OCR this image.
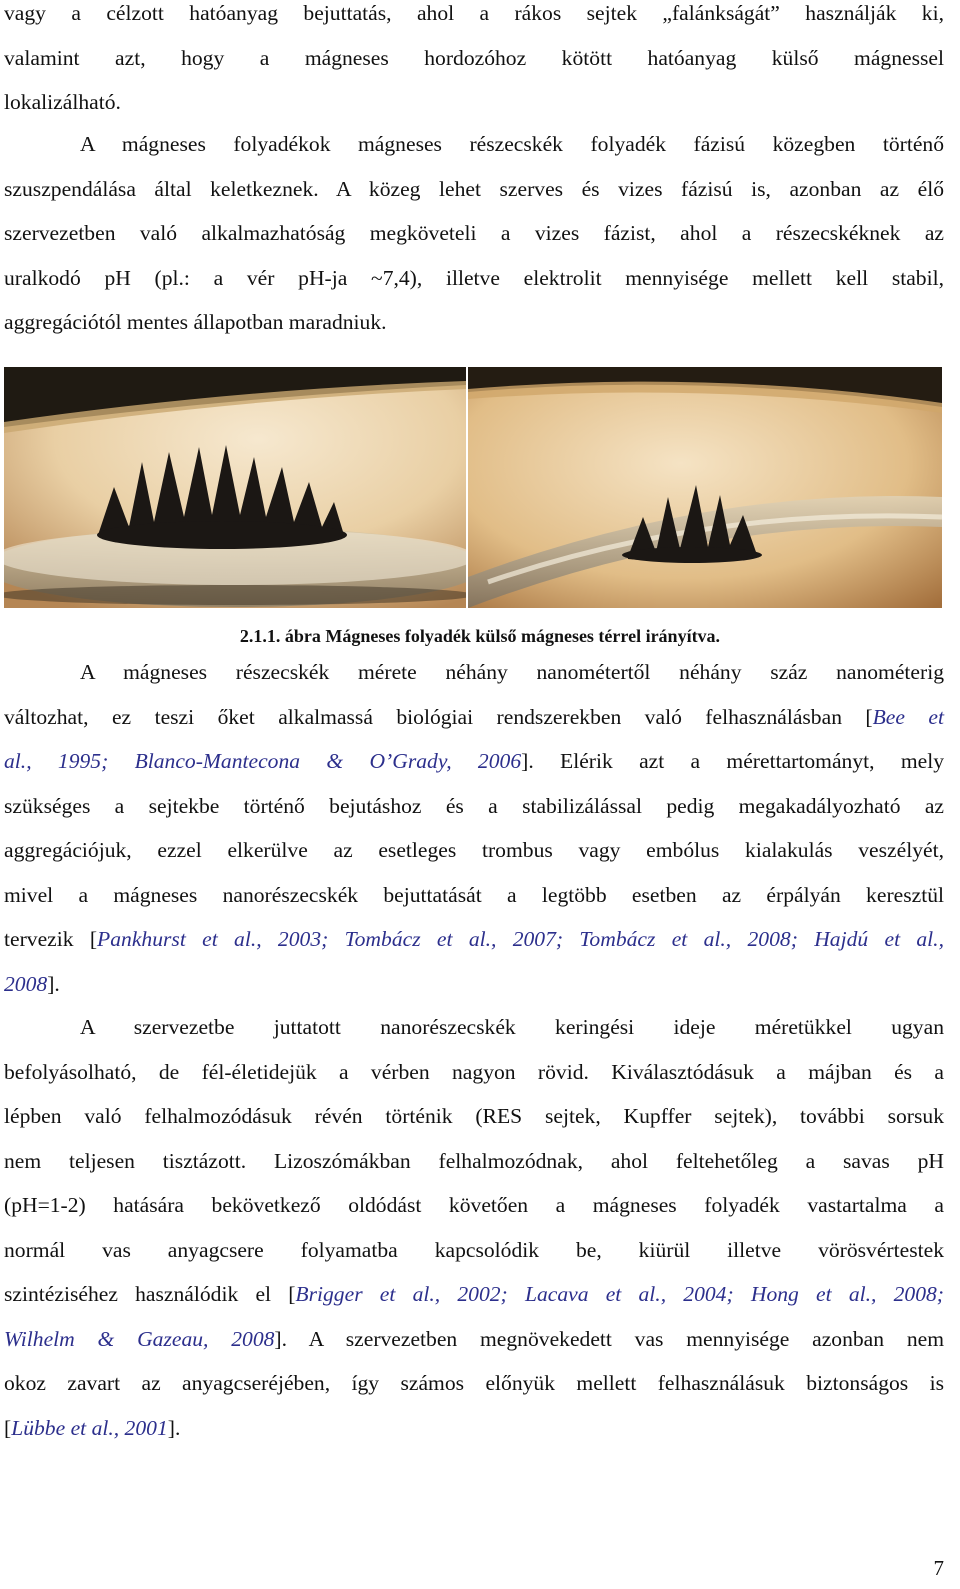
vagy a célzott hatóanyag bejuttatás, ahol a rákos sejtek „falánkságát” használják ki,
valamint azt, hogy a mágneses hordozóhoz kötött hatóanyag külső mágnessel
lokalizálható.
A mágneses folyadékok mágneses részecskék folyadék fázisú közegben történő
szuszpendálása által keletkeznek. A közeg lehet szerves és vizes fázisú is, azonban az élő
szervezetben való alkalmazhatóság megköveteli a vizes fázist, ahol a részecskéknek az
uralkodó pH (pl.: a vér pH-ja ~7,4), illetve elektrolit mennyisége mellett kell stabil,
aggregációtól mentes állapotban maradniuk.
2.1.1. ábra Mágneses folyadék külső mágneses térrel irányítva.
A mágneses részecskék mérete néhány nanométertől néhány száz nanométerig
változhat, ez teszi őket alkalmassá biológiai rendszerekben való felhasználásban [Bee et
al., 1995; Blanco-Mantecona & O’Grady, 2006]. Elérik azt a mérettartományt, mely
szükséges a sejtekbe történő bejutáshoz és a stabilizálással pedig megakadályozható az
aggregációjuk, ezzel elkerülve az esetleges trombus vagy embólus kialakulás veszélyét,
mivel a mágneses nanorészecskék bejuttatását a legtöbb esetben az érpályán keresztül
tervezik [Pankhurst et al., 2003; Tombácz et al., 2007; Tombácz et al., 2008; Hajdú et al.,
2008].
A szervezetbe juttatott nanorészecskék keringési ideje méretükkel ugyan
befolyásolható, de fél-életidejük a vérben nagyon rövid. Kiválasztódásuk a májban és a
lépben való felhalmozódásuk révén történik (RES sejtek, Kupffer sejtek), további sorsuk
nem teljesen tisztázott. Lizoszómákban felhalmozódnak, ahol feltehetőleg a savas pH
(pH=1-2) hatására bekövetkező oldódást követően a mágneses folyadék vastartalma a
normál vas anyagcsere folyamatba kapcsolódik be, kiürül illetve vörösvértestek
szintéziséhez használódik el [Brigger et al., 2002; Lacava et al., 2004; Hong et al., 2008;
Wilhelm & Gazeau, 2008]. A szervezetben megnövekedett vas mennyisége azonban nem
okoz zavart az anyagcseréjében, így számos előnyük mellett felhasználásuk biztonságos is
[Lübbe et al., 2001].
7
